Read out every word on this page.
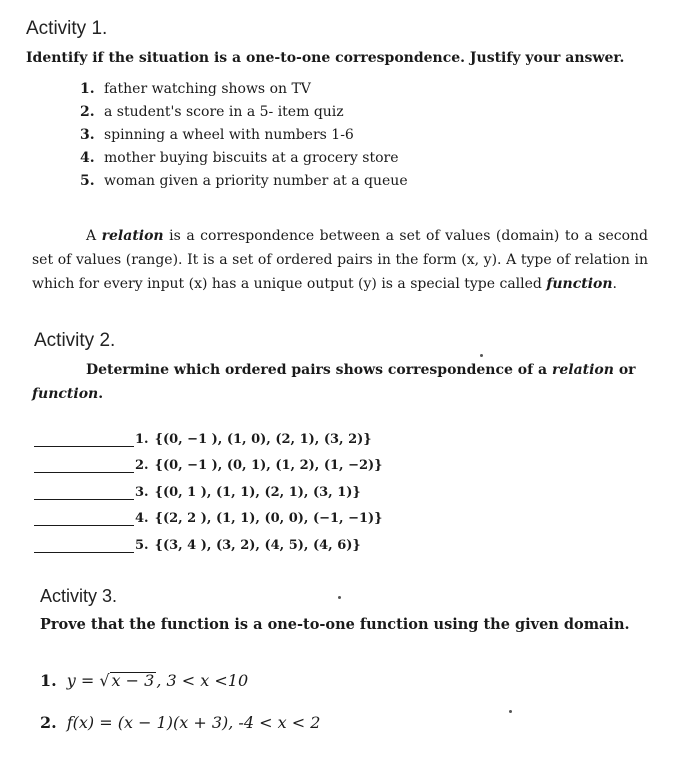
Activity 1.
Identify if the situation is a one-to-one correspondence. Justify your answer.
1. father watching shows on TV
2. a student's score in a 5- item quiz
3. spinning a wheel with numbers 1-6
4. mother buying biscuits at a grocery store
5. woman given a priority number at a queue

A relation is a correspondence between a set of values (domain) to a second set of values (range). It is a set of ordered pairs in the form (x, y). A type of relation in which for every input (x) has a unique output (y) is a special type called function.

Activity 2.
Determine which ordered pairs shows correspondence of a relation or function.
1. {(0, −1 ), (1, 0), (2, 1), (3, 2)}
2. {(0, −1 ), (0, 1), (1, 2), (1, −2)}
3. {(0, 1 ), (1, 1), (2, 1), (3, 1)}
4. {(2, 2 ), (1, 1), (0, 0), (−1, −1)}
5. {(3, 4 ), (3, 2), (4, 5), (4, 6)}
Activity 3.
Prove that the function is a one-to-one function using the given domain.
1. y = √ x − 3 , 3 < x <10
2. f(x) = (x − 1)(x + 3), -4 < x < 2
